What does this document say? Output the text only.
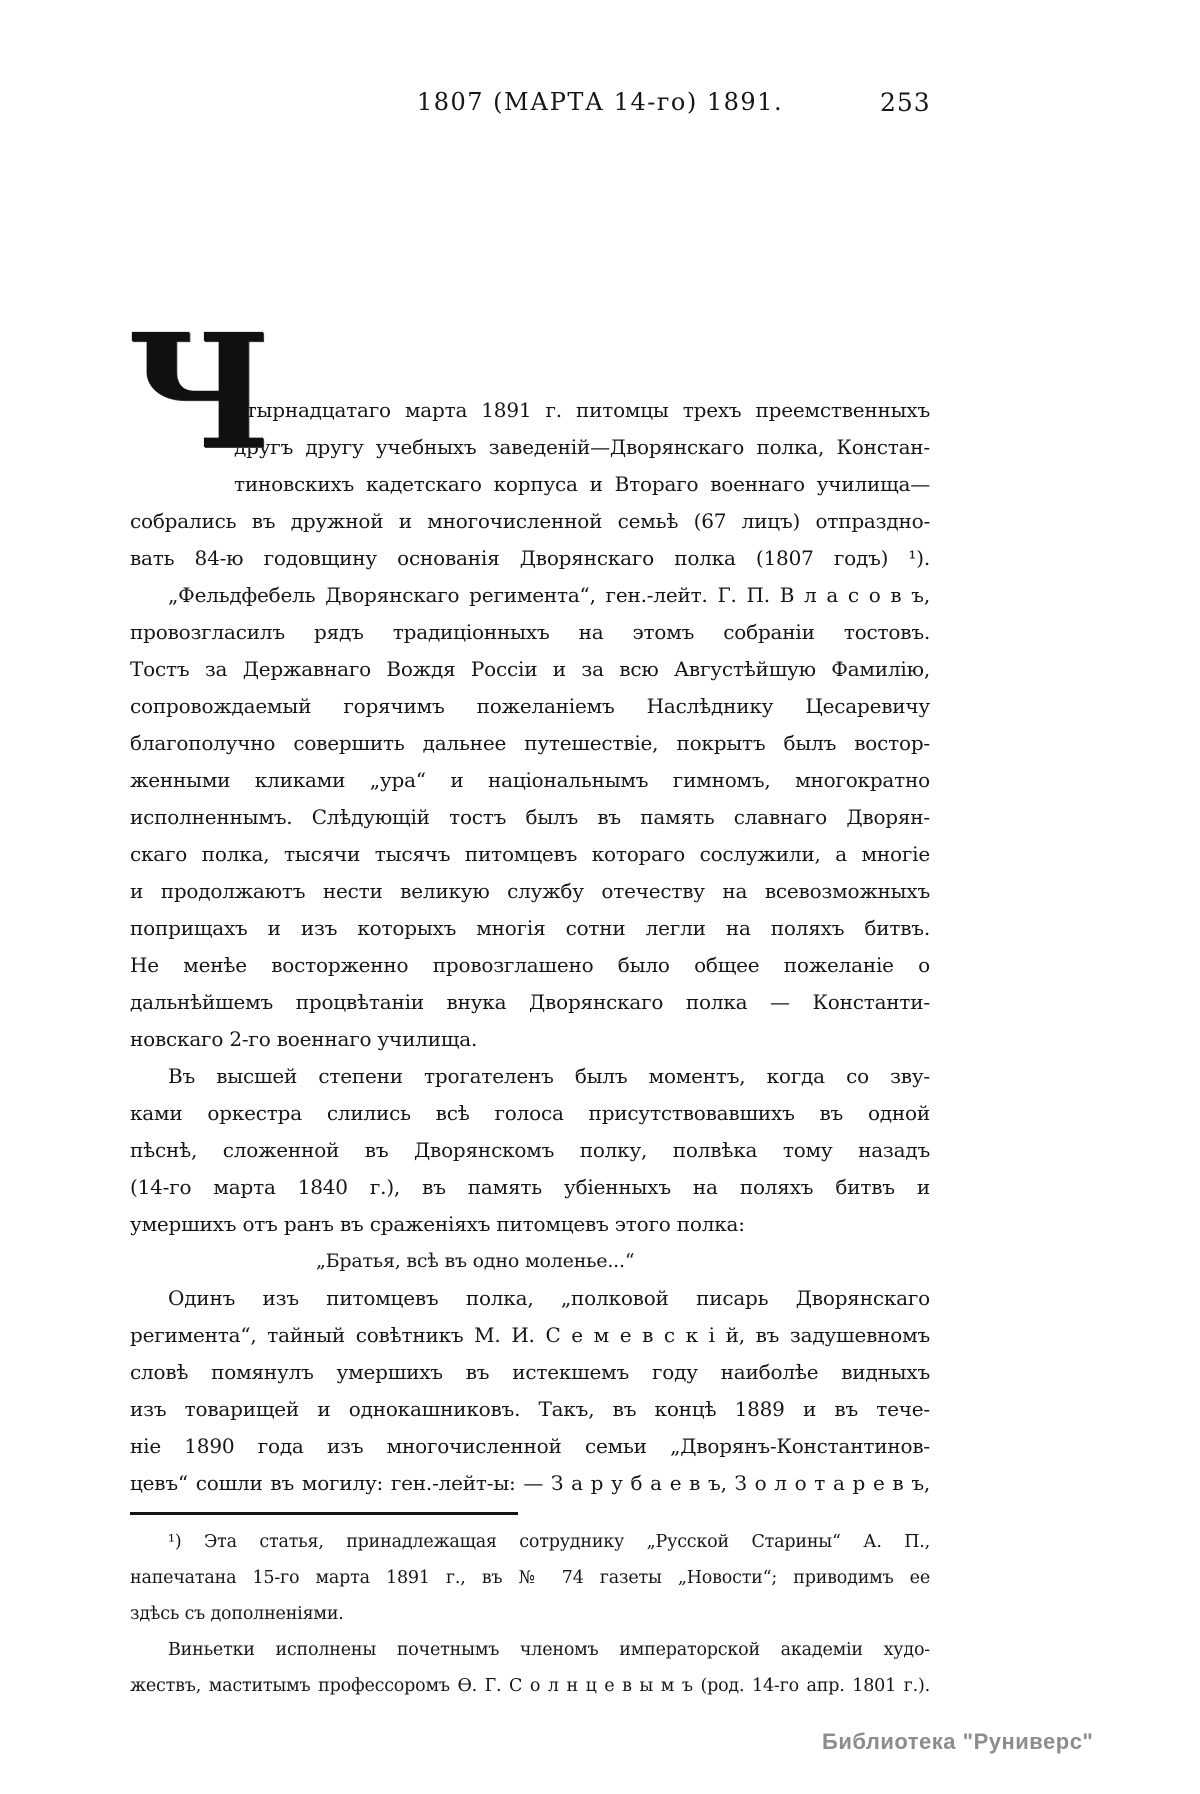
1807 (МАРТА 14-го) 1891.	253
Ч
етырнадцатаго марта 1891 г. питомцы трехъ преемственныхъ
другъ другу учебныхъ заведеній—Дворянскаго полка, Констан-
тиновскихъ кадетскаго корпуса и Втораго военнаго училища—
собрались въ дружной и многочисленной семьѣ (67 лицъ) отпраздно-
вать 84-ю годовщину основанія Дворянскаго полка (1807 годъ) ¹).
„Фельдфебель Дворянскаго регимента“, ген.-лейт. Г. П. В л а с о в ъ,
провозгласилъ рядъ традиціонныхъ на этомъ собраніи тостовъ.
Тостъ за Державнаго Вождя Россіи и за всю Августѣйшую Фамилію,
сопровождаемый горячимъ пожеланіемъ Наслѣднику Цесаревичу
благополучно совершить дальнее путешествіе, покрытъ былъ востор-
женными кликами „ура“ и національнымъ гимномъ, многократно
исполненнымъ. Слѣдующій тостъ былъ въ память славнаго Дворян-
скаго полка, тысячи тысячъ питомцевъ котораго сослужили, а многіе
и продолжаютъ нести великую службу отечеству на всевозможныхъ
поприщахъ и изъ которыхъ многія сотни легли на поляхъ битвъ.
Не менѣе восторженно провозглашено было общее пожеланіе о
дальнѣйшемъ процвѣтаніи внука Дворянскаго полка — Константи-
новскаго 2-го военнаго училища.
Въ высшей степени трогателенъ былъ моментъ, когда со зву-
ками оркестра слились всѣ голоса присутствовавшихъ въ одной
пѣснѣ, сложенной въ Дворянскомъ полку, полвѣка тому назадъ
(14-го марта 1840 г.), въ память убіенныхъ на поляхъ битвъ и
умершихъ отъ ранъ въ сраженіяхъ питомцевъ этого полка:
„Братья, всѣ въ одно моленье...“
Одинъ изъ питомцевъ полка, „полковой писарь Дворянскаго
регимента“, тайный совѣтникъ М. И. С е м е в с к і й, въ задушевномъ
словѣ помянулъ умершихъ въ истекшемъ году наиболѣе видныхъ
изъ товарищей и однокашниковъ. Такъ, въ концѣ 1889 и въ тече-
ніе 1890 года изъ многочисленной семьи „Дворянъ-Константинов-
цевъ“ сошли въ могилу: ген.-лейт-ы: — З а р у б а е в ъ, З о л о т а р е в ъ,
¹) Эта статья, принадлежащая сотруднику „Русской Старины“ А. П.,
напечатана 15-го марта 1891 г., въ № 74 газеты „Новости“; приводимъ ее
здѣсь съ дополненіями.
Виньетки исполнены почетнымъ членомъ императорской академіи худо-
жествъ, маститымъ профессоромъ Ѳ. Г. С о л н ц е в ы м ъ (род. 14-го апр. 1801 г.).
Библиотека "Руниверс"
